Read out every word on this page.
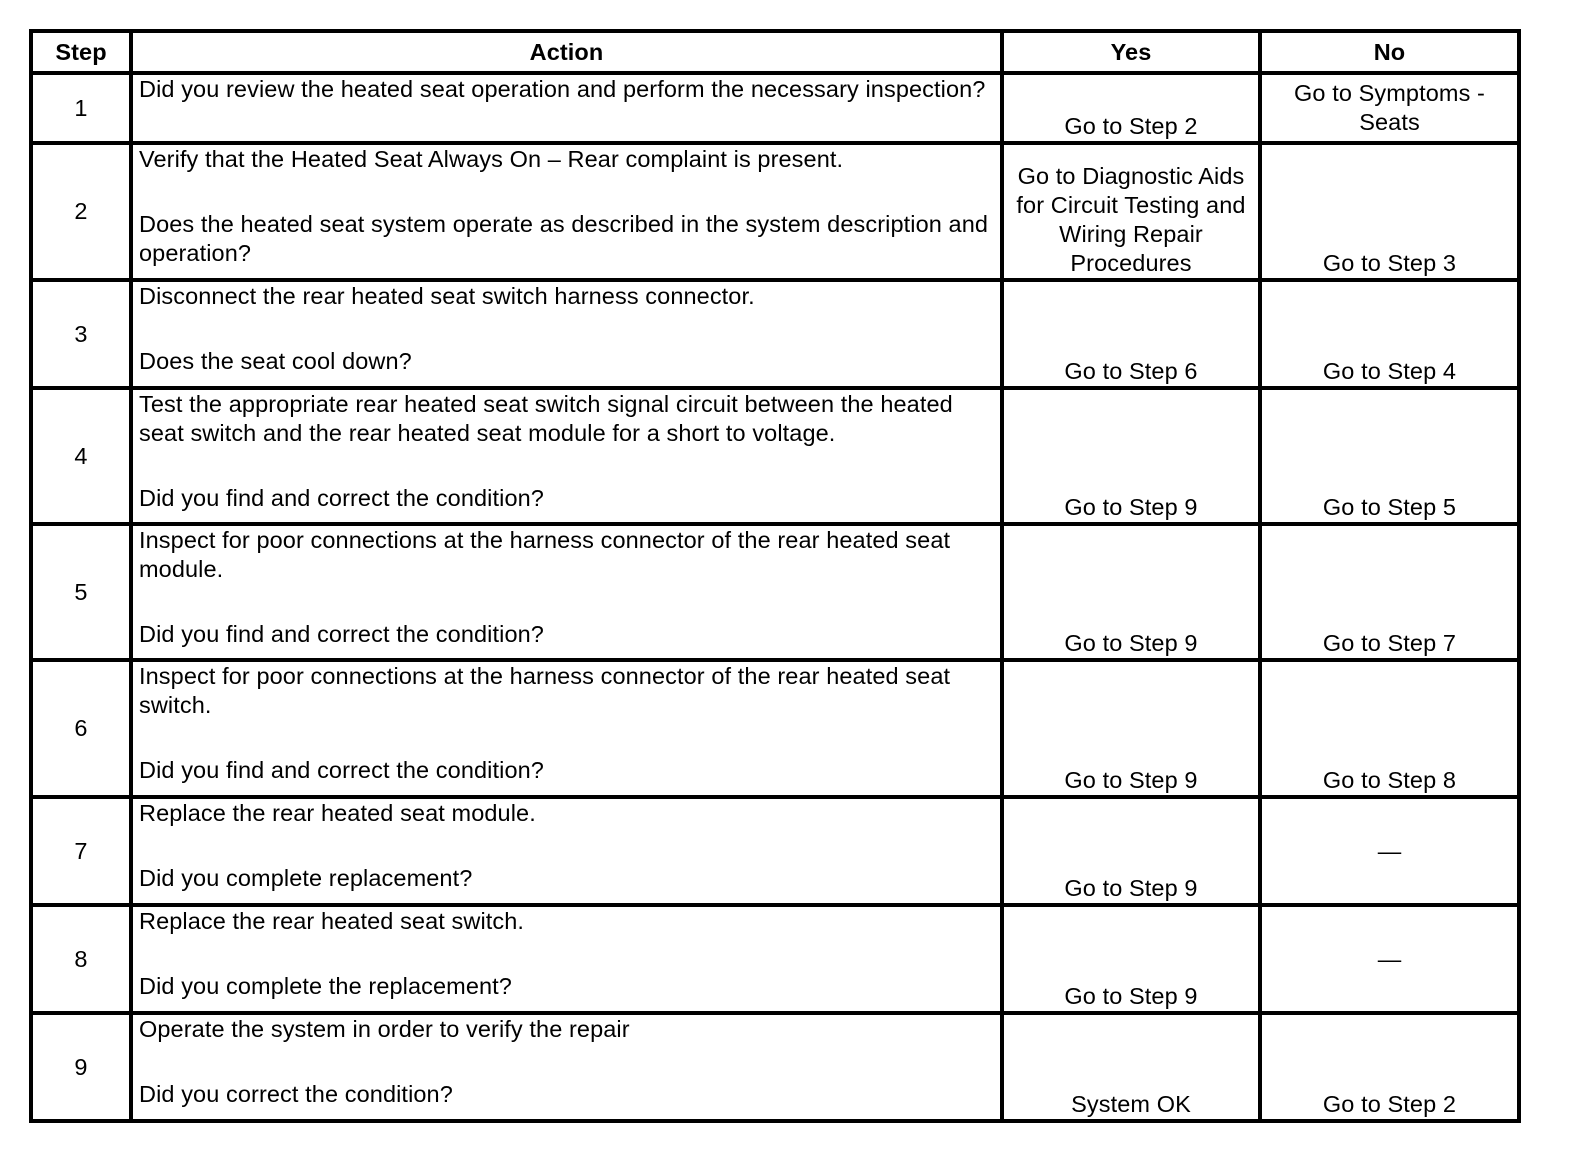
Step	Action	Yes	No
1	Did you review the heated seat operation and perform the necessary inspection?	Go to Step 2	Go to Symptoms - Seats
2	Verify that the Heated Seat Always On – Rear complaint is present.
Does the heated seat system operate as described in the system description and operation?	Go to Diagnostic Aids for Circuit Testing and Wiring Repair Procedures	Go to Step 3
3	Disconnect the rear heated seat switch harness connector.
Does the seat cool down?	Go to Step 6	Go to Step 4
4	Test the appropriate rear heated seat switch signal circuit between the heated seat switch and the rear heated seat module for a short to voltage.
Did you find and correct the condition?	Go to Step 9	Go to Step 5
5	Inspect for poor connections at the harness connector of the rear heated seat module.
Did you find and correct the condition?	Go to Step 9	Go to Step 7
6	Inspect for poor connections at the harness connector of the rear heated seat switch.
Did you find and correct the condition?	Go to Step 9	Go to Step 8
7	Replace the rear heated seat module.
Did you complete replacement?	Go to Step 9	—
8	Replace the rear heated seat switch.
Did you complete the replacement?	Go to Step 9	—
9	Operate the system in order to verify the repair
Did you correct the condition?	System OK	Go to Step 2
